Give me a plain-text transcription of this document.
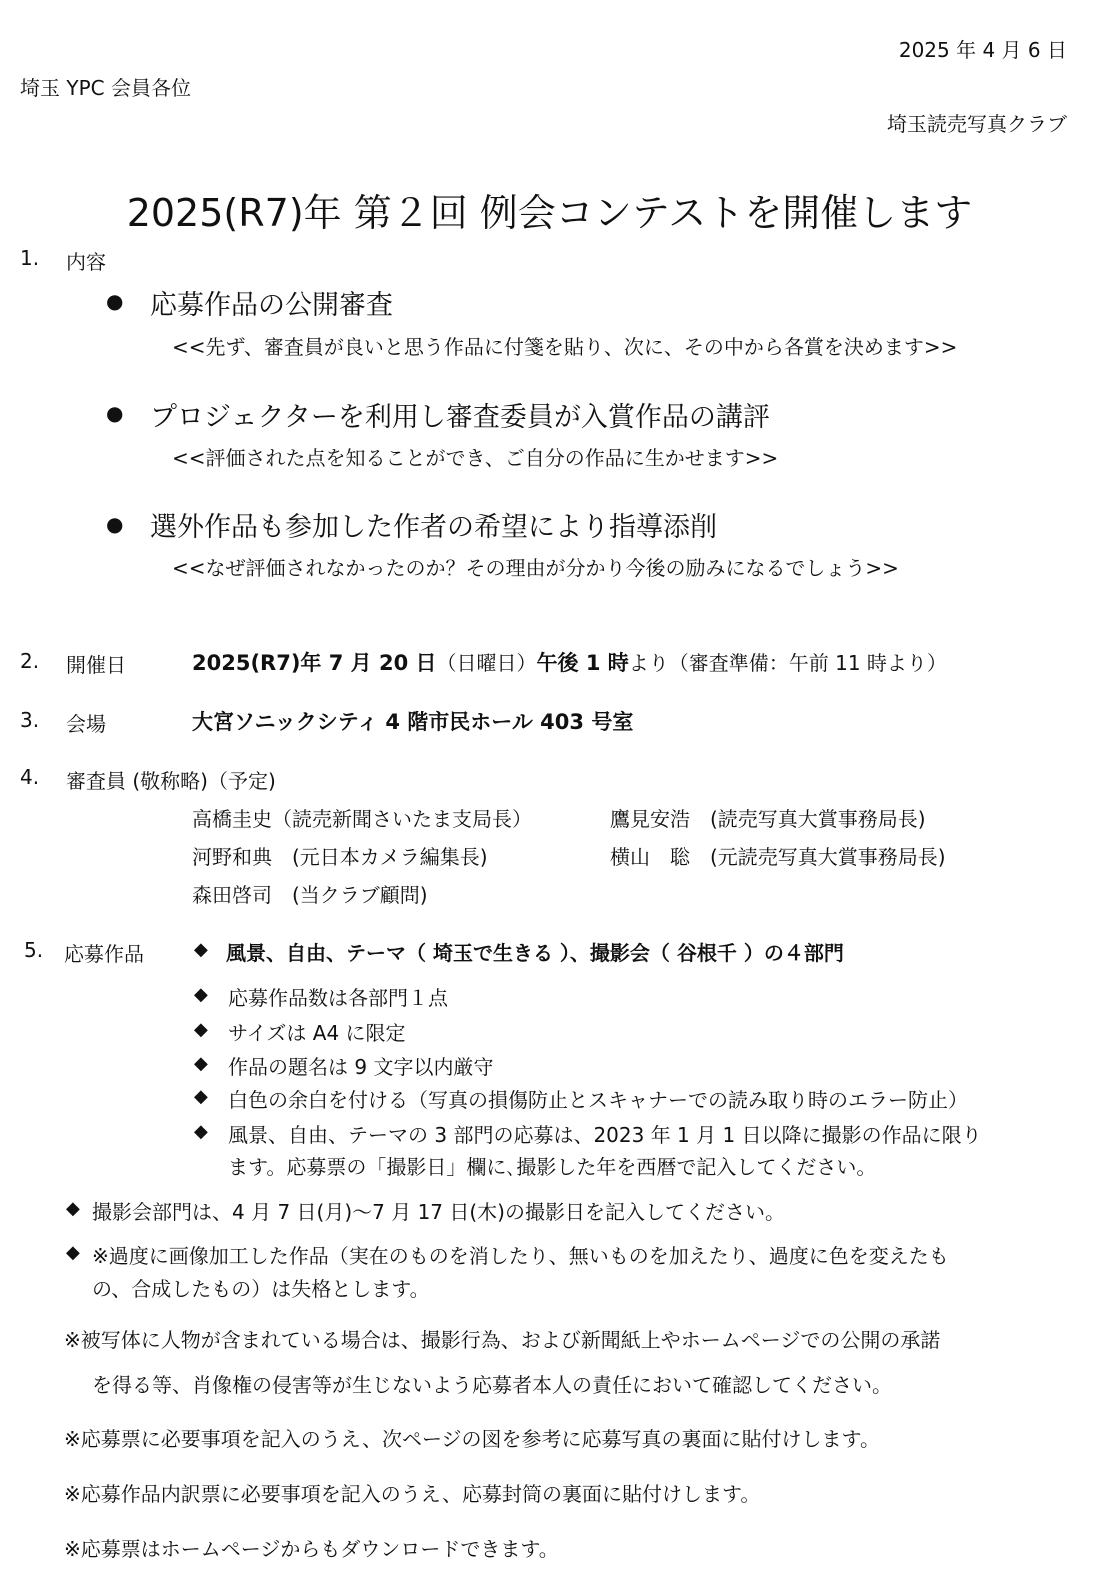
2025 年 4 月 6 日
埼玉 YPC 会員各位
埼玉読売写真クラブ
2025(R7)年 第２回 例会コンテストを開催します
1. 内容
● 応募作品の公開審査
<<先ず、審査員が良いと思う作品に付箋を貼り、次に、その中から各賞を決めます>>
● プロジェクターを利用し審査委員が入賞作品の講評
<<評価された点を知ることができ、ご自分の作品に生かせます>>
● 選外作品も参加した作者の希望により指導添削
<<なぜ評価されなかったのか？その理由が分かり今後の励みになるでしょう>>
2. 開催日	2025(R7)年 7 月 20 日（日曜日）午後 1 時より（審査準備：午前 11 時より）
3. 会場	大宮ソニックシティ 4 階市民ホール 403 号室
4. 審査員 (敬称略)（予定)
高橋圭史（読売新聞さいたま支局長）	鷹見安浩　(読売写真大賞事務局長)
河野和典　(元日本カメラ編集長)	横山　聡　(元読売写真大賞事務局長)
森田啓司　(当クラブ顧問)
5. 応募作品	◆ 風景、自由、テーマ（ 埼玉で生きる ）、撮影会（ 谷根千 ）の４部門
◆ 応募作品数は各部門１点
◆ サイズは A4 に限定
◆ 作品の題名は 9 文字以内厳守
◆ 白色の余白を付ける（写真の損傷防止とスキャナーでの読み取り時のエラー防止）
◆ 風景、自由、テーマの 3 部門の応募は、2023 年 1 月 1 日以降に撮影の作品に限り
ます。応募票の「撮影日」欄に､撮影した年を西暦で記入してください。
◆ 撮影会部門は、4 月 7 日(月)～7 月 17 日(木)の撮影日を記入してください。
◆ ※過度に画像加工した作品（実在のものを消したり、無いものを加えたり、過度に色を変えたも
の、合成したもの）は失格とします。
※被写体に人物が含まれている場合は、撮影行為、および新聞紙上やホームページでの公開の承諾
を得る等、肖像権の侵害等が生じないよう応募者本人の責任において確認してください。
※応募票に必要事項を記入のうえ、次ページの図を参考に応募写真の裏面に貼付けします。
※応募作品内訳票に必要事項を記入のうえ、応募封筒の裏面に貼付けします。
※応募票はホームページからもダウンロードできます。
